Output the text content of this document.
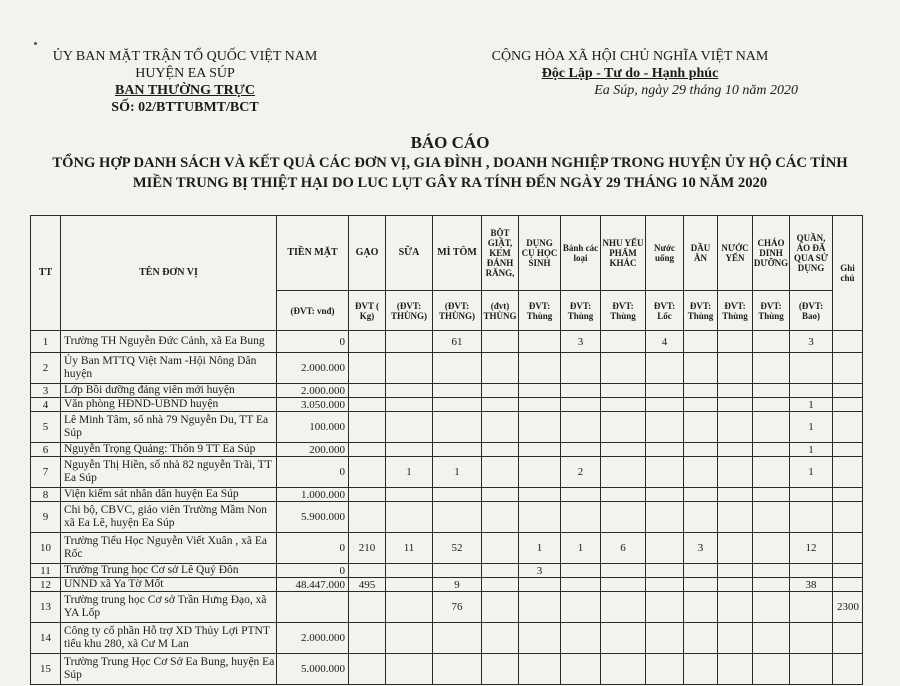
ỦY BAN MẶT TRẬN TỔ QUỐC VIỆT NAM
HUYỆN EA SÚP
BAN THƯỜNG TRỰC
SỐ: 02/BTTUBMT/BCT
CỘNG HÒA XÃ HỘI CHỦ NGHĨA VIỆT NAM
Độc Lập - Tư do - Hạnh phúc
Ea Súp, ngày 29 tháng 10 năm 2020
BÁO CÁO
TỔNG HỢP DANH SÁCH VÀ KẾT QUẢ CÁC ĐƠN VỊ, GIA ĐÌNH , DOANH NGHIỆP TRONG HUYỆN ỦY HỘ CÁC TỈNH
MIỀN TRUNG BỊ THIỆT HẠI DO LUC LỤT GÂY RA TÍNH ĐẾN NGÀY 29 THÁNG 10 NĂM 2020
TT	TÊN ĐƠN VỊ	TIỀN MẶT	GẠO	SỮA	MÌ TÔM	BỘT GIẶT, KEM ĐÁNH RĂNG,	DỤNG CỤ HỌC SINH	Bánh các loại	NHU YẾU PHẨM KHÁC	Nước uống	DẦU ĂN	NƯỚC YẾN	CHÁO DINH DƯỠNG	QUẦN, ÁO ĐÃ QUA SỬ DỤNG	Ghi chú
		(ĐVT: vnđ)	ĐVT ( Kg)	(ĐVT: THÙNG)	(ĐVT: THÙNG)	(đvt) THÙNG	ĐVT: Thùng	ĐVT: Thùng	ĐVT: Thùng	ĐVT: Lốc	ĐVT: Thùng	ĐVT: Thùng	ĐVT: Thùng	(ĐVT: Bao)	
1	Trường TH Nguyễn Đức Cảnh, xã Ea Bung	0			61			3		4				3	
2	Ủy Ban MTTQ Việt Nam -Hội Nông Dân huyện	2.000.000													
3	Lớp Bồi dưỡng đảng viên mới huyện	2.000.000													
4	Văn phòng HĐND-UBND huyện	3.050.000												1	
5	Lê Minh Tâm, số nhà 79 Nguyễn Du, TT Ea Súp	100.000												1	
6	Nguyễn Trọng Quảng: Thôn 9 TT Ea Súp	200.000												1	
7	Nguyễn Thị Hiền, số nhà 82 nguyễn Trãi, TT Ea Súp	0		1	1			2						1	
8	Viện kiểm sát nhân dân huyện Ea Súp	1.000.000													
9	Chi bộ, CBVC, giáo viên Trường Mầm Non xã Ea Lê, huyện Ea Súp	5.900.000													
10	Trường Tiểu Học Nguyễn Viết Xuân , xã Ea Rốc	0	210	11	52		1	1	6		3			12	
11	Trường Trung học Cơ sở Lê Quý Đôn	0					3								
12	UNND xã Ya Tờ Mốt	48.447.000	495		9									38	
13	Trường trung học Cơ sở Trần Hưng Đạo, xã YA Lốp				76										2300
14	Công ty cổ phần Hỗ trợ XD Thủy Lợi PTNT tiểu khu 280, xã Cư M Lan	2.000.000													
15	Trường Trung Học Cơ Sở Ea Bung, huyện Ea Súp	5.000.000													
